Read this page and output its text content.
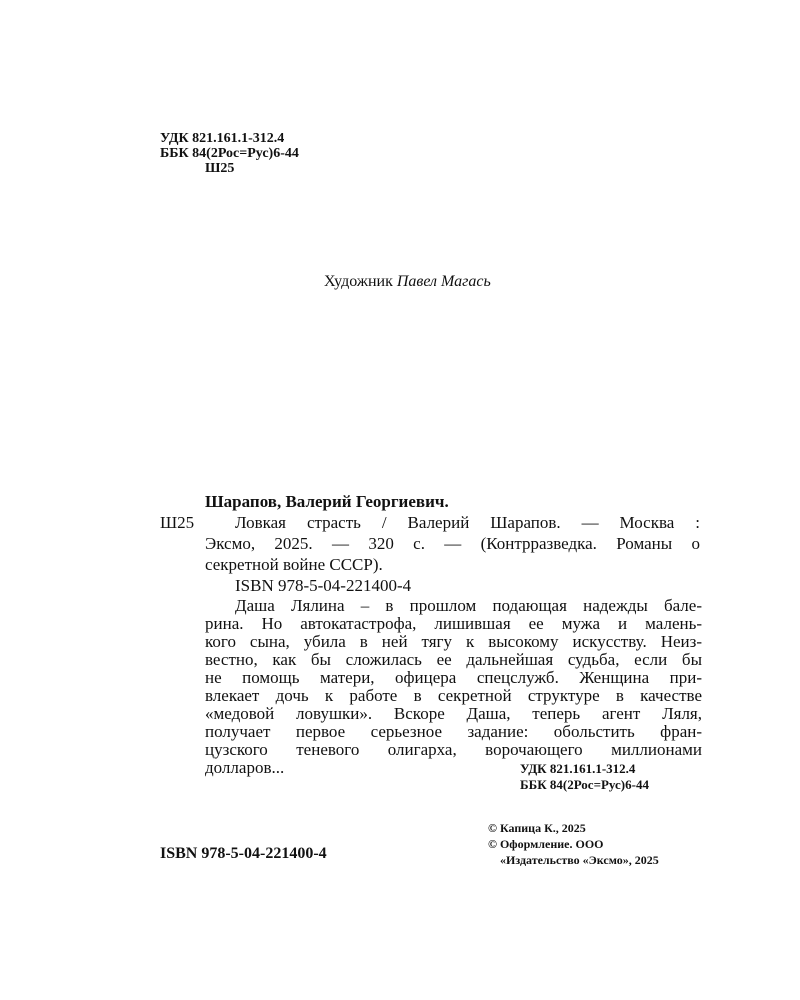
УДК 821.161.1-312.4
ББК 84(2Рос=Рус)6-44
Ш25
Художник Павел Магась
Шарапов, Валерий Георгиевич.
Ш25 Ловкая страсть / Валерий Шарапов. — Москва :
Эксмо, 2025. — 320 с. — (Контрразведка. Романы о
секретной войне СССР).
ISBN 978-5-04-221400-4
Даша Лялина – в прошлом подающая надежды бале-
рина. Но автокатастрофа, лишившая ее мужа и малень-
кого сына, убила в ней тягу к высокому искусству. Неиз-
вестно, как бы сложилась ее дальнейшая судьба, если бы
не помощь матери, офицера спецслужб. Женщина при-
влекает дочь к работе в секретной структуре в качестве
«медовой ловушки». Вскоре Даша, теперь агент Ляля,
получает первое серьезное задание: обольстить фран-
цузского теневого олигарха, ворочающего миллионами
долларов...	УДК 821.161.1-312.4
ББК 84(2Рос=Рус)6-44
ISBN 978-5-04-221400-4
© Капица К., 2025
© Оформление. ООО
«Издательство «Эксмо», 2025
